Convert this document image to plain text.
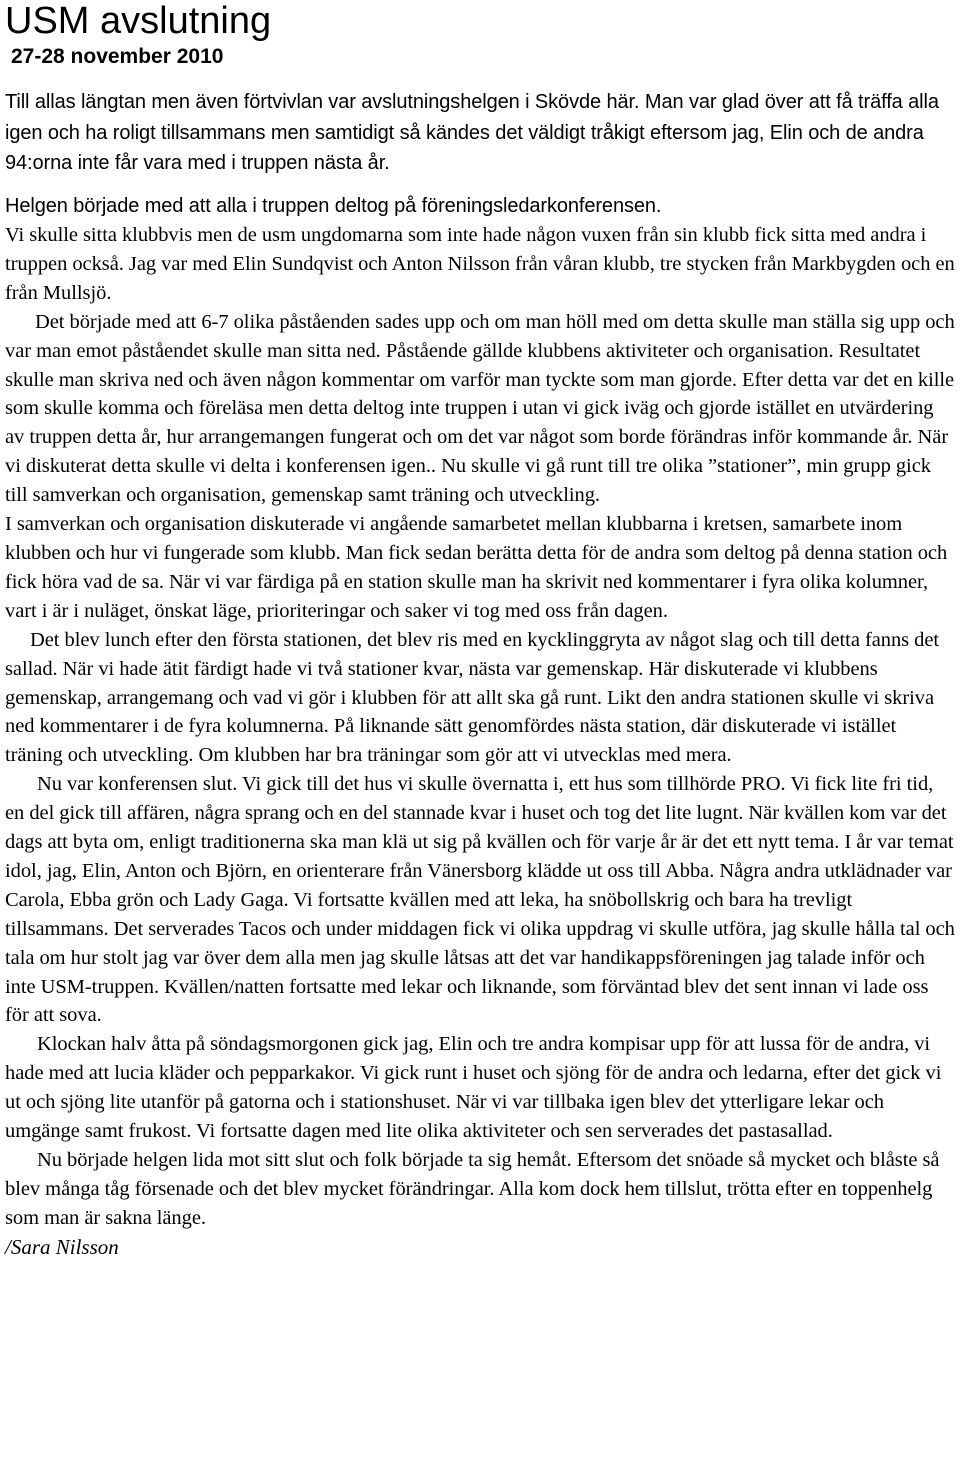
USM avslutning
27-28 november 2010

Till allas längtan men även förtvivlan var avslutningshelgen i Skövde här. Man var glad över att få träffa alla igen och ha roligt tillsammans men samtidigt så kändes det väldigt tråkigt eftersom jag, Elin och de andra 94:orna inte får vara med i truppen nästa år.

Helgen började med att alla i truppen deltog på föreningsledarkonferensen.

Vi skulle sitta klubbvis men de usm ungdomarna som inte hade någon vuxen från sin klubb fick sitta med andra i truppen också. Jag var med Elin Sundqvist och Anton Nilsson från våran klubb, tre stycken från Markbygden och en från Mullsjö.

Det började med att 6-7 olika påståenden sades upp och om man höll med om detta skulle man ställa sig upp och var man emot påståendet skulle man sitta ned. Påstående gällde klubbens aktiviteter och organisation. Resultatet skulle man skriva ned och även någon kommentar om varför man tyckte som man gjorde. Efter detta var det en kille som skulle komma och föreläsa men detta deltog inte truppen i utan vi gick iväg och gjorde istället en utvärdering av truppen detta år, hur arrangemangen fungerat och om det var något som borde förändras inför kommande år. När vi diskuterat detta skulle vi delta i konferensen igen.. Nu skulle vi gå runt till tre olika ”stationer”, min grupp gick till samverkan och organisation, gemenskap samt träning och utveckling.

I samverkan och organisation diskuterade vi angående samarbetet mellan klubbarna i kretsen, samarbete inom klubben och hur vi fungerade som klubb. Man fick sedan berätta detta för de andra som deltog på denna station och fick höra vad de sa. När vi var färdiga på en station skulle man ha skrivit ned kommentarer i fyra olika kolumner, vart i är i nuläget, önskat läge, prioriteringar och saker vi tog med oss från dagen.

Det blev lunch efter den första stationen, det blev ris med en kycklinggryta av något slag och till detta fanns det sallad. När vi hade ätit färdigt hade vi två stationer kvar, nästa var gemenskap. Här diskuterade vi klubbens gemenskap, arrangemang och vad vi gör i klubben för att allt ska gå runt. Likt den andra stationen skulle vi skriva ned kommentarer i de fyra kolumnerna. På liknande sätt genomfördes nästa station, där diskuterade vi istället träning och utveckling. Om klubben har bra träningar som gör att vi utvecklas med mera.

Nu var konferensen slut. Vi gick till det hus vi skulle övernatta i, ett hus som tillhörde PRO. Vi fick lite fri tid, en del gick till affären, några sprang och en del stannade kvar i huset och tog det lite lugnt. När kvällen kom var det dags att byta om, enligt traditionerna ska man klä ut sig på kvällen och för varje år är det ett nytt tema. I år var temat idol, jag, Elin, Anton och Björn, en orienterare från Vänersborg klädde ut oss till Abba. Några andra utklädnader var Carola, Ebba grön och Lady Gaga. Vi fortsatte kvällen med att leka, ha snöbollskrig och bara ha trevligt tillsammans. Det serverades Tacos och under middagen fick vi olika uppdrag vi skulle utföra, jag skulle hålla tal och tala om hur stolt jag var över dem alla men jag skulle låtsas att det var handikappsföreningen jag talade inför och inte USM-truppen. Kvällen/natten fortsatte med lekar och liknande, som förväntad blev det sent innan vi lade oss för att sova.

Klockan halv åtta på söndagsmorgonen gick jag, Elin och tre andra kompisar upp för att lussa för de andra, vi hade med att lucia kläder och pepparkakor. Vi gick runt i huset och sjöng för de andra och ledarna, efter det gick vi ut och sjöng lite utanför på gatorna och i stationshuset. När vi var tillbaka igen blev det ytterligare lekar och umgänge samt frukost. Vi fortsatte dagen med lite olika aktiviteter och sen serverades det pastasallad.

Nu började helgen lida mot sitt slut och folk började ta sig hemåt. Eftersom det snöade så mycket och blåste så blev många tåg försenade och det blev mycket förändringar. Alla kom dock hem tillslut, trötta efter en toppenhelg som man är sakna länge.

/Sara Nilsson
